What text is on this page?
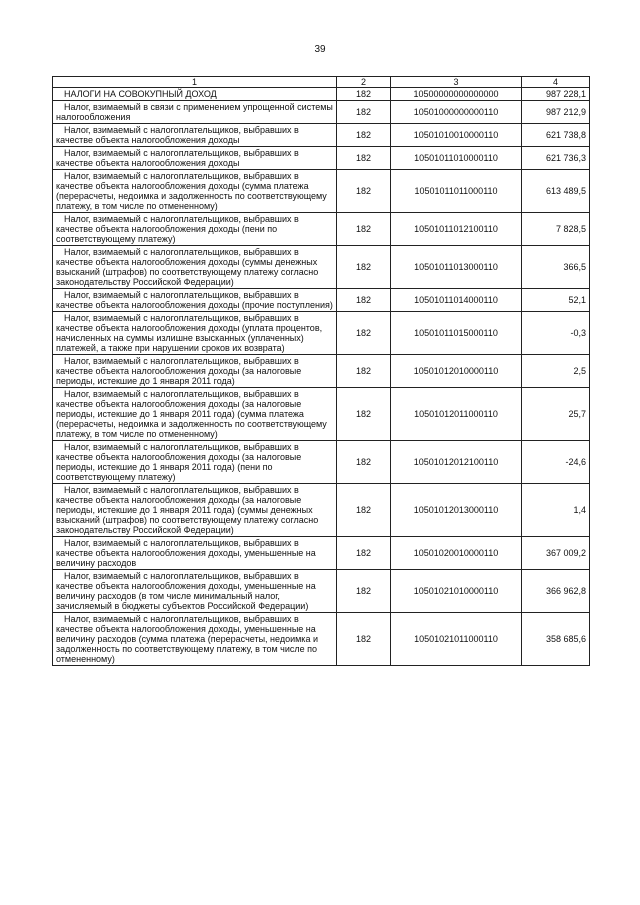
39
1	2	3	4

НАЛОГИ НА СОВОКУПНЫЙ ДОХОД	182	10500000000000000	987 228,1

Налог, взимаемый в связи с применением упрощенной системы налогообложения	182	10501000000000110	987 212,9

Налог, взимаемый с налогоплательщиков, выбравших в качестве объекта налогообложения доходы	182	10501010010000110	621 738,8

Налог, взимаемый с налогоплательщиков, выбравших в качестве объекта налогообложения доходы	182	10501011010000110	621 736,3

Налог, взимаемый с налогоплательщиков, выбравших в качестве объекта налогообложения доходы (сумма платежа (перерасчеты, недоимка и задолженность по соответствующему платежу, в том числе по отмененному)	182	10501011011000110	613 489,5

Налог, взимаемый с налогоплательщиков, выбравших в качестве объекта налогообложения доходы (пени по соответствующему платежу)	182	10501011012100110	7 828,5

Налог, взимаемый с налогоплательщиков, выбравших в качестве объекта налогообложения доходы (суммы денежных взысканий (штрафов) по соответствующему платежу согласно законодательству Российской Федерации)	182	10501011013000110	366,5

Налог, взимаемый с налогоплательщиков, выбравших в качестве объекта налогообложения доходы (прочие поступления)	182	10501011014000110	52,1

Налог, взимаемый с налогоплательщиков, выбравших в качестве объекта налогообложения доходы (уплата процентов, начисленных на суммы излишне взысканных (уплаченных) платежей, а также при нарушении сроков их возврата)	182	10501011015000110	-0,3

Налог, взимаемый с налогоплательщиков, выбравших в качестве объекта налогообложения доходы (за налоговые периоды, истекшие до 1 января 2011 года)	182	10501012010000110	2,5

Налог, взимаемый с налогоплательщиков, выбравших в качестве объекта налогообложения доходы (за налоговые периоды, истекшие до 1 января 2011 года) (сумма платежа (перерасчеты, недоимка и задолженность по соответствующему платежу, в том числе по отмененному)	182	10501012011000110	25,7

Налог, взимаемый с налогоплательщиков, выбравших в качестве объекта налогообложения доходы (за налоговые периоды, истекшие до 1 января 2011 года) (пени по соответствующему платежу)	182	10501012012100110	-24,6

Налог, взимаемый с налогоплательщиков, выбравших в качестве объекта налогообложения доходы (за налоговые периоды, истекшие до 1 января 2011 года) (суммы денежных взысканий (штрафов) по соответствующему платежу согласно законодательству Российской Федерации)	182	10501012013000110	1,4

Налог, взимаемый с налогоплательщиков, выбравших в качестве объекта налогообложения доходы, уменьшенные на величину расходов	182	10501020010000110	367 009,2

Налог, взимаемый с налогоплательщиков, выбравших в качестве объекта налогообложения доходы, уменьшенные на величину расходов (в том числе минимальный налог, зачисляемый в бюджеты субъектов Российской Федерации)	182	10501021010000110	366 962,8

Налог, взимаемый с налогоплательщиков, выбравших в качестве объекта налогообложения доходы, уменьшенные на величину расходов (сумма платежа (перерасчеты, недоимка и задолженность по соответствующему платежу, в том числе по отмененному)	182	10501021011000110	358 685,6
